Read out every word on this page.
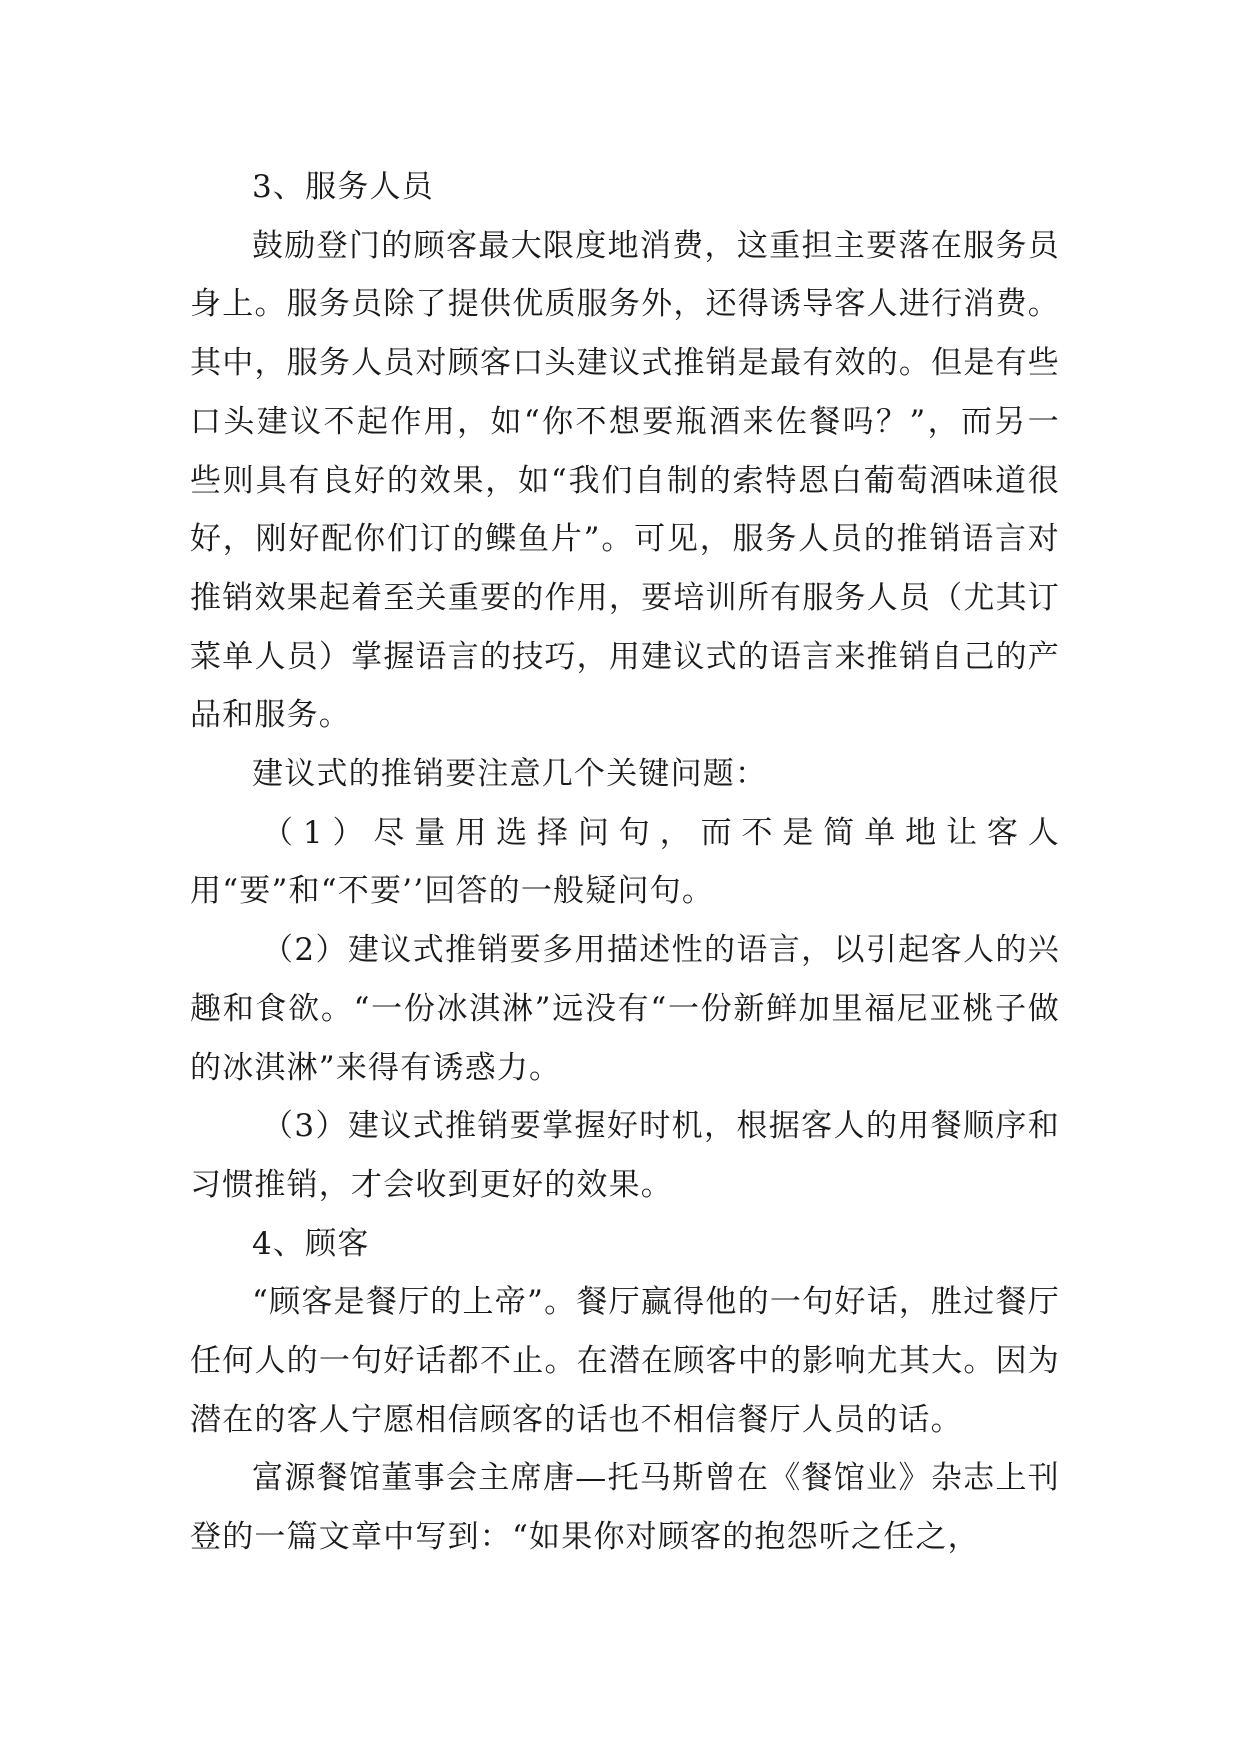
3、服务人员

鼓励登门的顾客最大限度地消费，这重担主要落在服务员身上。服务员除了提供优质服务外，还得诱导客人进行消费。其中，服务人员对顾客口头建议式推销是最有效的。但是有些口头建议不起作用，如“你不想要瓶酒来佐餐吗？”，而另一些则具有良好的效果，如“我们自制的索特恩白葡萄酒味道很好，刚好配你们订的鲽鱼片”。可见，服务人员的推销语言对推销效果起着至关重要的作用，要培训所有服务人员（尤其订菜单人员）掌握语言的技巧，用建议式的语言来推销自己的产品和服务。

建议式的推销要注意几个关键问题：

（1）尽量用选择问句，而不是简单地让客人用“要”和“不要’’回答的一般疑问句。

（2）建议式推销要多用描述性的语言，以引起客人的兴趣和食欲。“一份冰淇淋”远没有“一份新鲜加里福尼亚桃子做的冰淇淋”来得有诱惑力。

（3）建议式推销要掌握好时机，根据客人的用餐顺序和习惯推销，才会收到更好的效果。

4、顾客

“顾客是餐厅的上帝”。餐厅赢得他的一句好话，胜过餐厅任何人的一句好话都不止。在潜在顾客中的影响尤其大。因为潜在的客人宁愿相信顾客的话也不相信餐厅人员的话。

富源餐馆董事会主席唐—托马斯曾在《餐馆业》杂志上刊登的一篇文章中写到：“如果你对顾客的抱怨听之任之，
